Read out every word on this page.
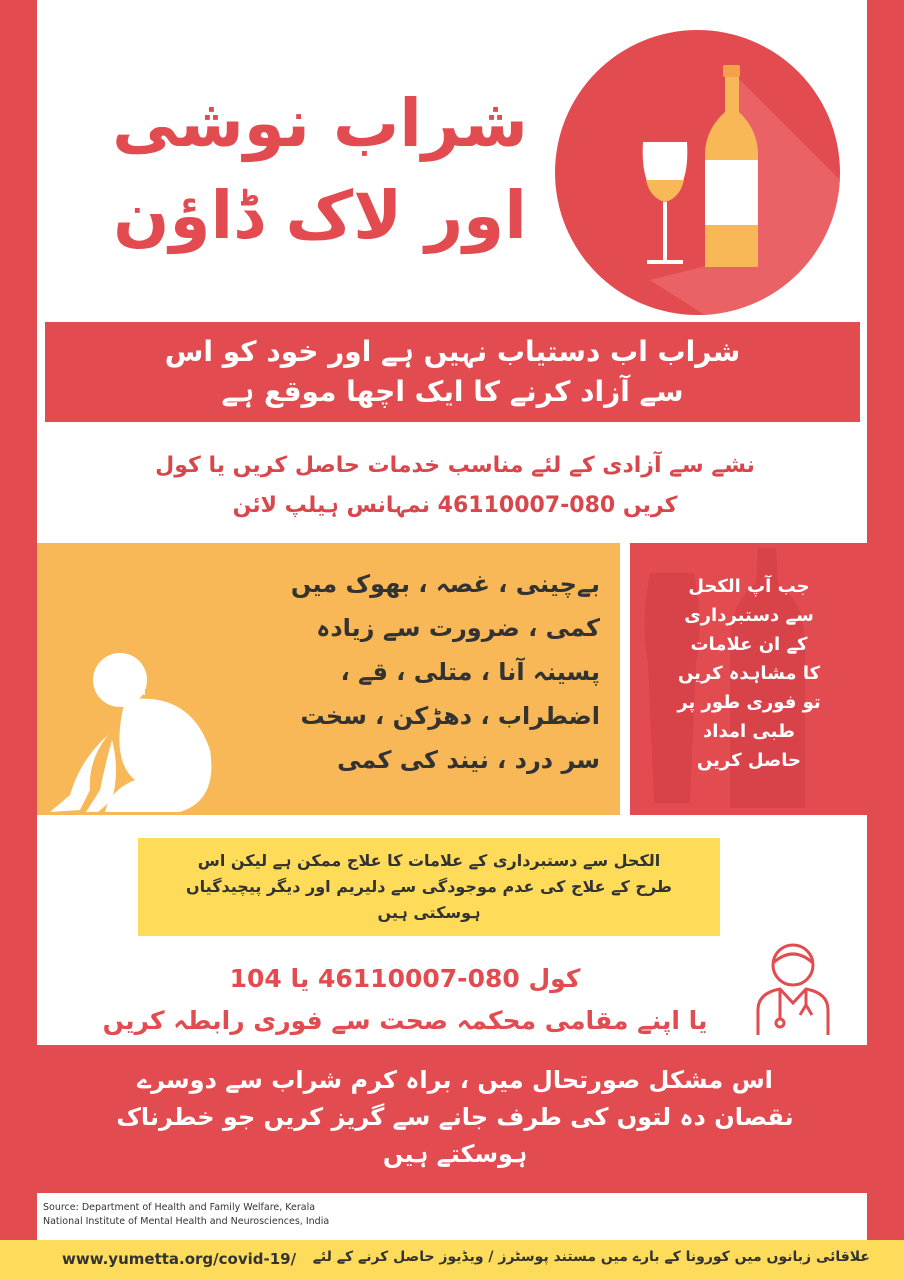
شراب نوشی
اور لاک ڈاؤن
شراب اب دستیاب نہیں ہے اور خود کو اس
سے آزاد کرنے کا ایک اچھا موقع ہے
نشے سے آزادی کے لئے مناسب خدمات حاصل کریں یا کول
کریں 080-46110007 نمہانس ہیلپ لائن
بےچینی ، غصہ ، بھوک میں
کمی ، ضرورت سے زیادہ
پسینہ آنا ، متلی ، قے ،
اضطراب ، دھڑکن ، سخت
سر درد ، نیند کی کمی
جب آپ الکحل
سے دستبرداری
کے ان علامات
کا مشاہدہ کریں
تو فوری طور پر
طبی امداد
حاصل کریں
الکحل سے دستبرداری کے علامات کا علاج ممکن ہے لیکن اس
طرح کے علاج کی عدم موجودگی سے دلیریم اور دیگر پیچیدگیاں
ہوسکتی ہیں
کول 080-46110007 یا 104
یا اپنے مقامی محکمہ صحت سے فوری رابطہ کریں
اس مشکل صورتحال میں ، براہ کرم شراب سے دوسرے
نقصان دہ لتوں کی طرف جانے سے گریز کریں جو خطرناک
ہوسکتے ہیں
Source: Department of Health and Family Welfare, Kerala
National Institute of Mental Health and Neurosciences, India
www.yumetta.org/covid-19/	علاقائی زبانوں میں کورونا کے بارے میں مستند پوسٹرز / ویڈیوز حاصل کرنے کے لئے
